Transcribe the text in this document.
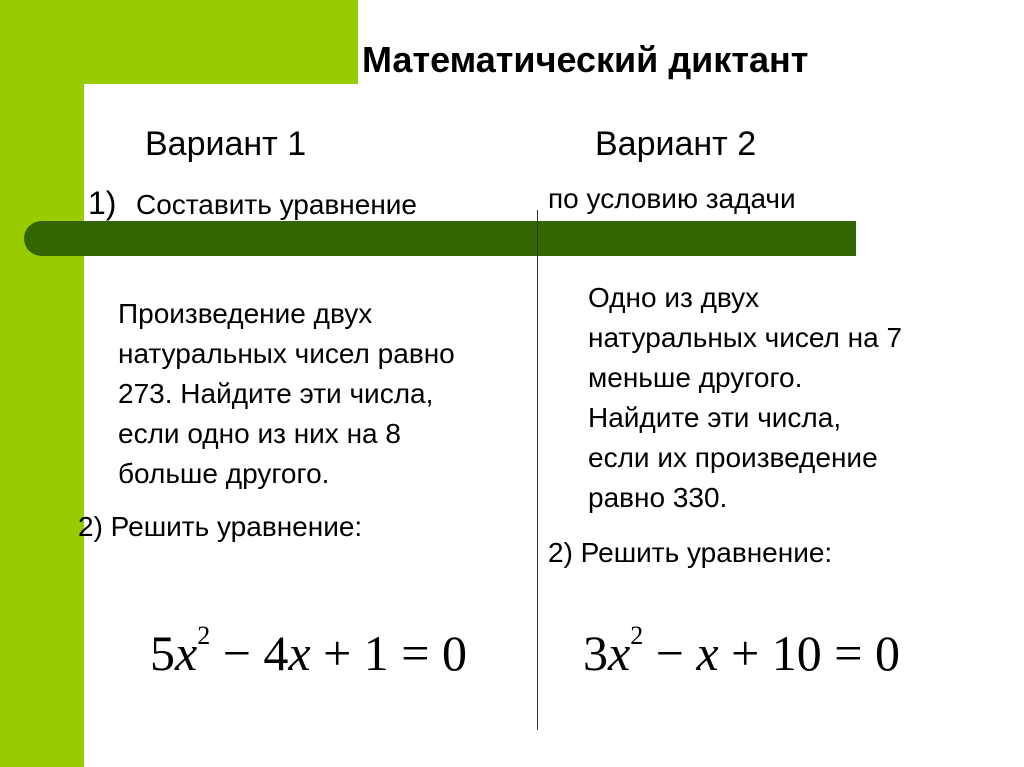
Математический диктант
Вариант 1	Вариант 2
1) Составить уравнение	по условию задачи
Произведение двух
натуральных чисел равно
273. Найдите эти числа,
если одно из них на 8
больше другого.
Одно из двух
натуральных чисел на 7
меньше другого.
Найдите эти числа,
если их произведение
равно 330.
2) Решить уравнение:
2) Решить уравнение:
$5x^2 - 4x + 1 = 0$ $3x^2 - x + 10 = 0$
